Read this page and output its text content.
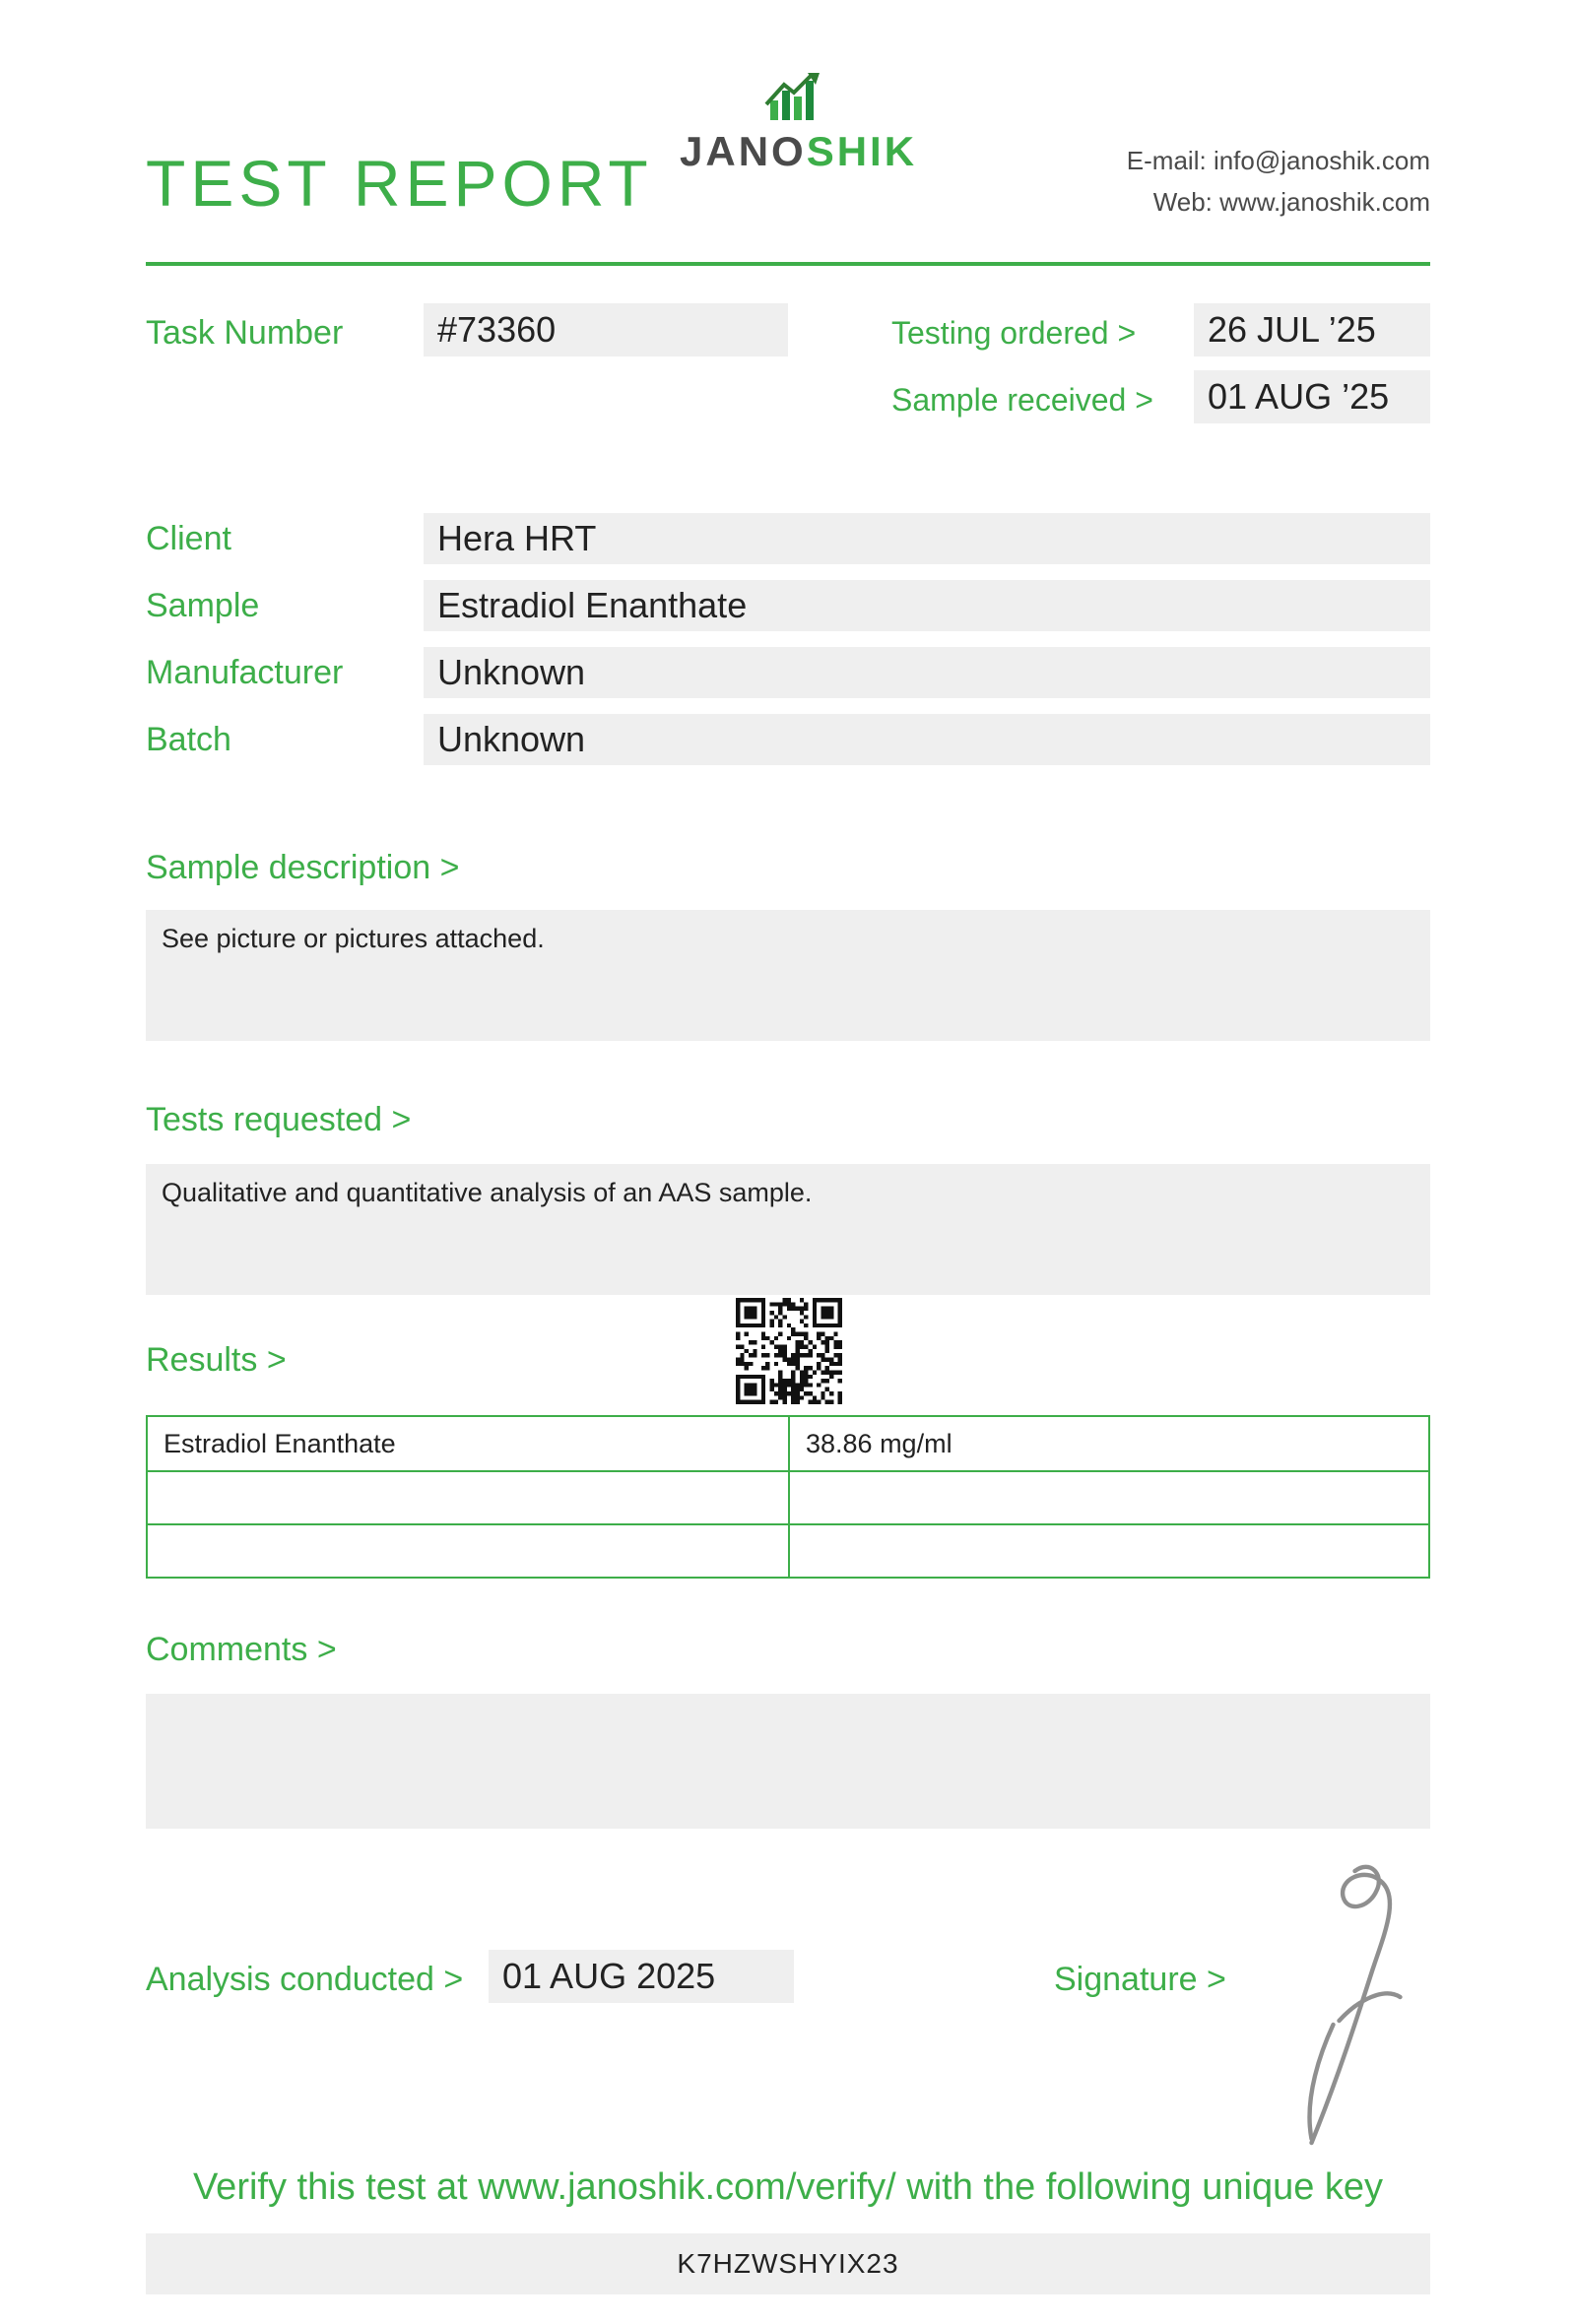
TEST REPORT JANOSHIK	E-mail: info@janoshik.com
Web: www.janoshik.com
Task Number	#73360	Testing ordered >	26 JUL ’25
Sample received >	01 AUG ’25
Client	Hera HRT
Sample	Estradiol Enanthate
Manufacturer	Unknown
Batch	Unknown
Sample description >
See picture or pictures attached.
Tests requested >
Qualitative and quantitative analysis of an AAS sample.
Results >
Estradiol Enanthate	38.86 mg/ml
Comments >
Analysis conducted >	01 AUG 2025	Signature >
Verify this test at www.janoshik.com/verify/ with the following unique key
K7HZWSHYIX23
